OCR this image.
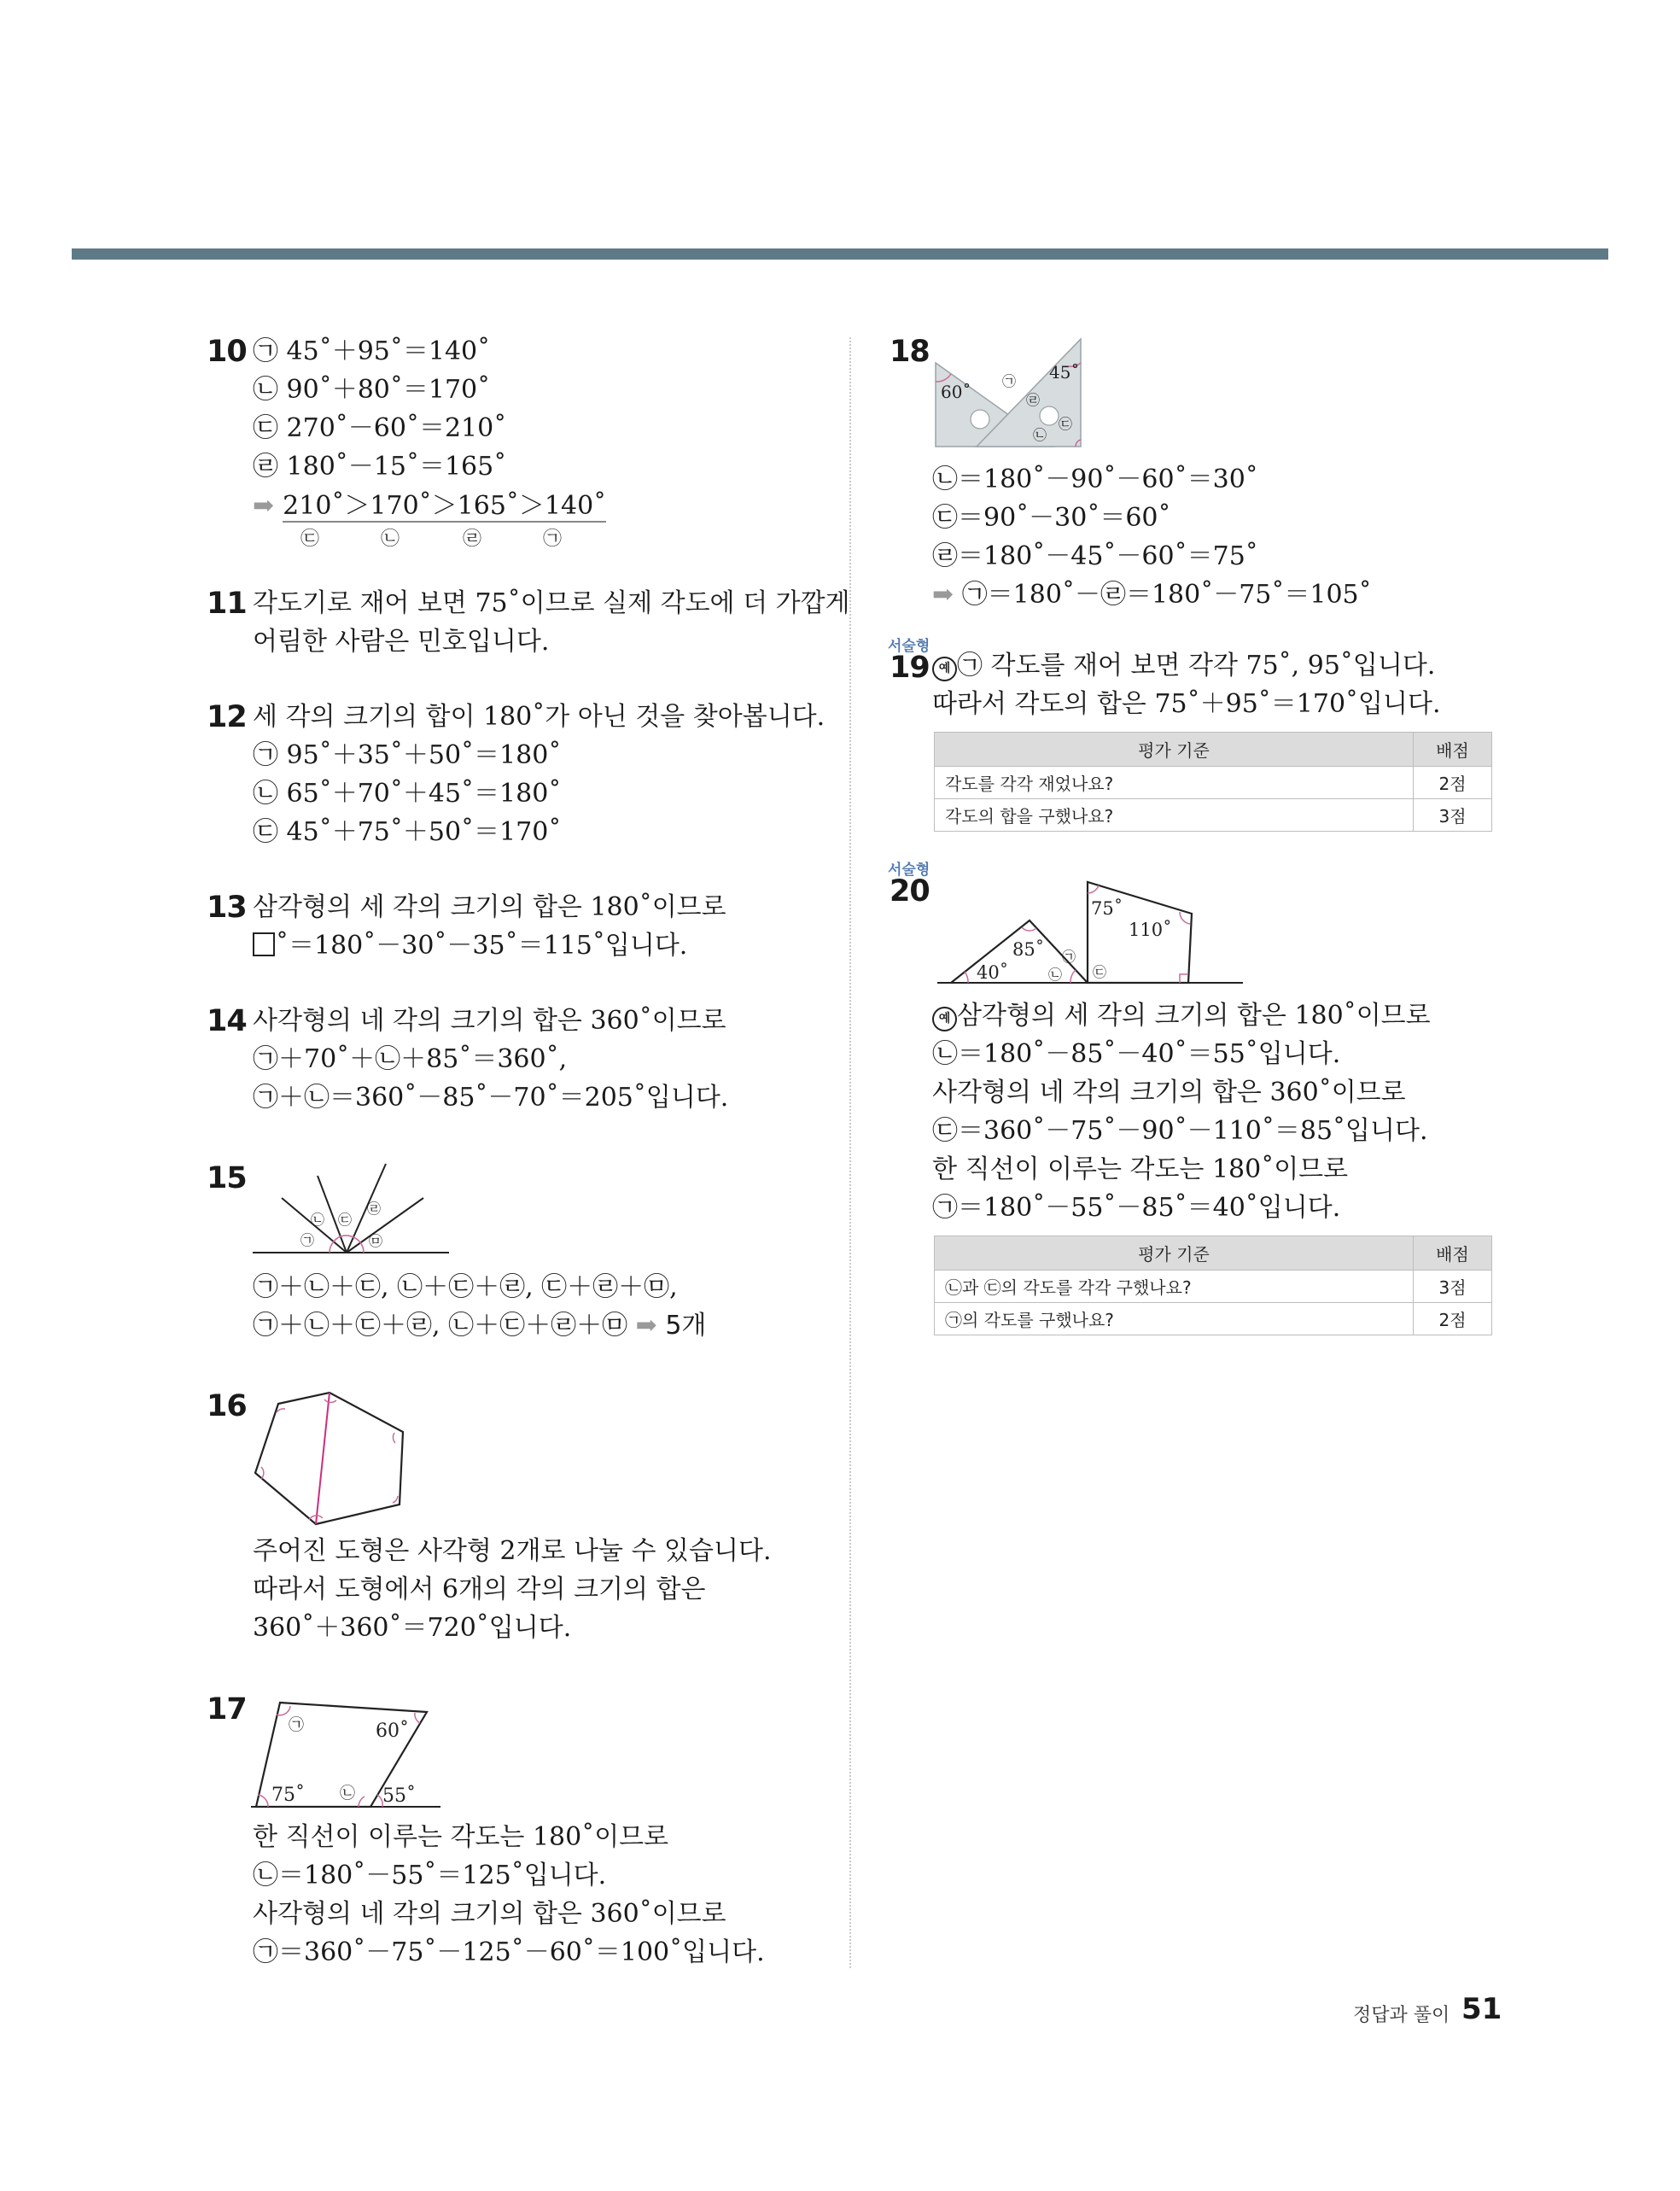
10 ㉠ 45˚＋95˚＝140˚
㉡ 90˚＋80˚＝170˚
㉢ 270˚－60˚＝210˚
㉣ 180˚－15˚＝165˚
➡ 210˚＞170˚＞165˚＞140˚
㉢	㉡	㉣	㉠
11 각도기로 재어 보면 75˚이므로 실제 각도에 더 가깝게
어림한 사람은 민호입니다.
12 세 각의 크기의 합이 180˚가 아닌 것을 찾아봅니다.
㉠ 95˚＋35˚＋50˚＝180˚
㉡ 65˚＋70˚＋45˚＝180˚
㉢ 45˚＋75˚＋50˚＝170˚
13 삼각형의 세 각의 크기의 합은 180˚이므로
˚＝180˚－30˚－35˚＝115˚입니다.
14 사각형의 네 각의 크기의 합은 360˚이므로
㉠＋70˚＋㉡＋85˚＝360˚,
㉠＋㉡＝360˚－85˚－70˚＝205˚입니다.
15
㉠
㉡ ㉢
㉣
㉤
㉠＋㉡＋㉢, ㉡＋㉢＋㉣, ㉢＋㉣＋㉤,
㉠＋㉡＋㉢＋㉣, ㉡＋㉢＋㉣＋㉤ ➡ 5개
16
주어진 도형은 사각형 2개로 나눌 수 있습니다.
따라서 도형에서 6개의 각의 크기의 합은
360˚＋360˚＝720˚입니다.
17	㉠	60˚
75˚ ㉡ 55˚
한 직선이 이루는 각도는 180˚이므로
㉡＝180˚－55˚＝125˚입니다.
사각형의 네 각의 크기의 합은 360˚이므로
㉠＝360˚－75˚－125˚－60˚＝100˚입니다.
18
60˚
45˚
㉠
㉣
㉡
㉢
㉡＝180˚－90˚－60˚＝30˚
㉢＝90˚－30˚＝60˚
㉣＝180˚－45˚－60˚＝75˚
➡ ㉠＝180˚－㉣＝180˚－75˚＝105˚
서술형
19 예 ㉠ 각도를 재어 보면 각각 75˚, 95˚입니다.
따라서 각도의 합은 75˚＋95˚＝170˚입니다.
평가 기준	배점
각도를 각각 재었나요?	2점
각도의 합을 구했나요?	3점
서술형
20	75˚
110˚
85˚
40˚
㉠
㉡ ㉢
예 삼각형의 세 각의 크기의 합은 180˚이므로
㉡＝180˚－85˚－40˚＝55˚입니다.
사각형의 네 각의 크기의 합은 360˚이므로
㉢＝360˚－75˚－90˚－110˚＝85˚입니다.
한 직선이 이루는 각도는 180˚이므로
㉠＝180˚－55˚－85˚＝40˚입니다.
평가 기준	배점
㉡과 ㉢의 각도를 각각 구했나요?	3점
㉠의 각도를 구했나요?	2점
정답과 풀이 51
